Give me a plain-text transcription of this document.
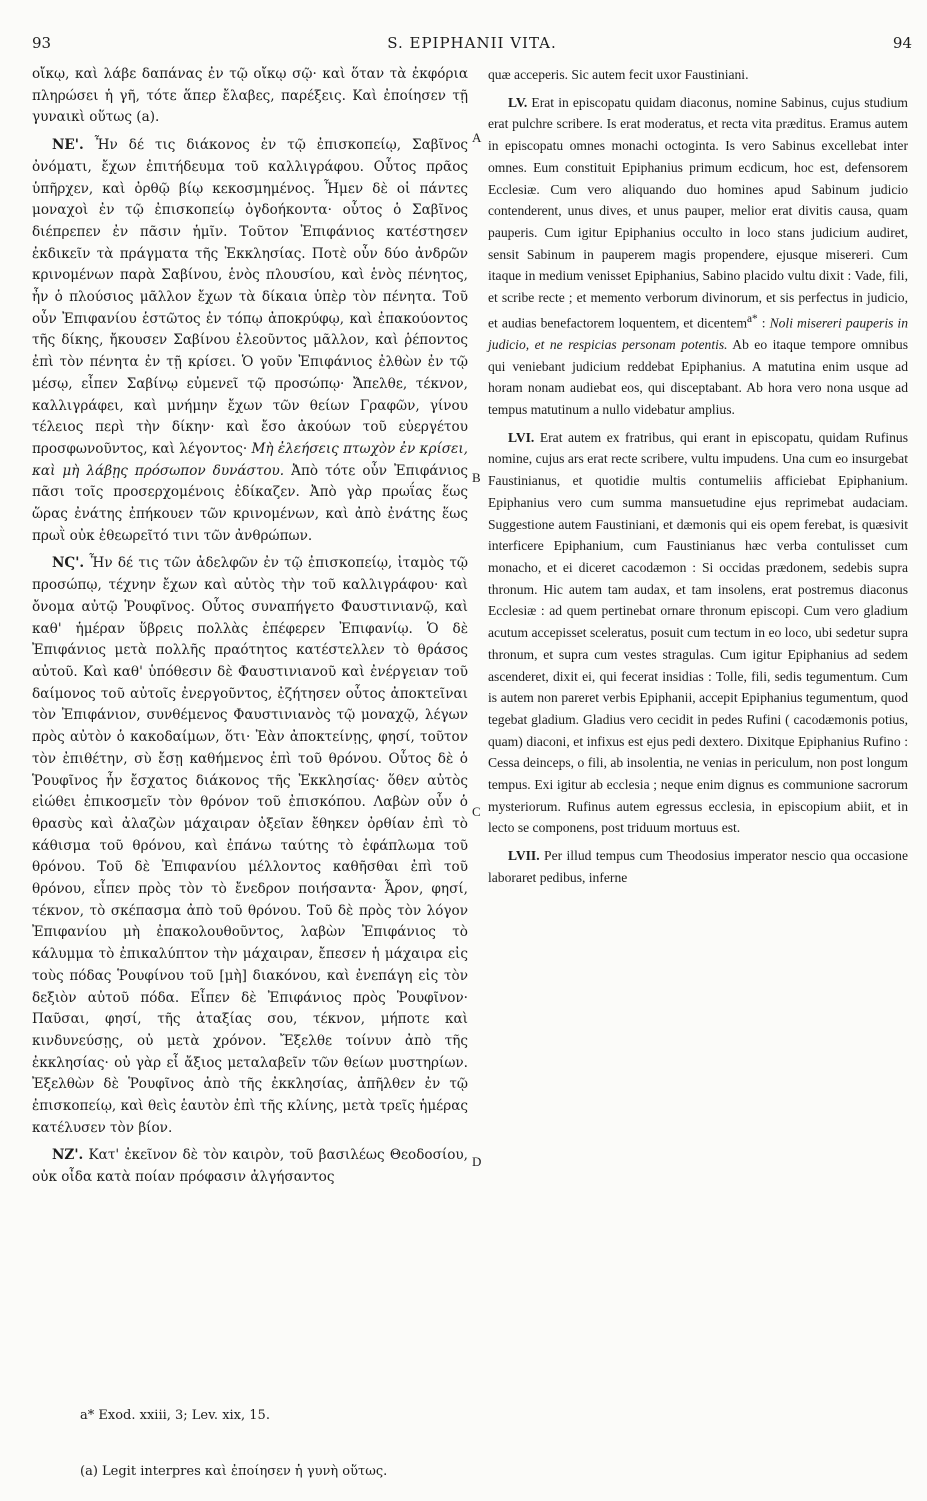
93	S. EPIPHANII VITA.	94

οἴκῳ, καὶ λάβε δαπάνας ἐν τῷ οἴκῳ σῷ· καὶ ὅταν τὰ ἐκφόρια πληρώσει ἡ γῆ, τότε ἅπερ ἔλαβες, παρέξεις. Καὶ ἐποίησεν τῇ γυναικὶ οὕτως (a).

ΝΕ'. Ἦν δέ τις διάκονος ἐν τῷ ἐπισκοπείῳ, Σαβῖνος ὀνόματι, ἔχων ἐπιτήδευμα τοῦ καλλιγράφου. Οὗτος πρᾶος ὑπῆρχεν, καὶ ὀρθῷ βίῳ κεκοσμημένος. Ἦμεν δὲ οἱ πάντες μοναχοὶ ἐν τῷ ἐπισκοπείῳ ὀγδοήκοντα· οὗτος ὁ Σαβῖνος διέπρεπεν ἐν πᾶσιν ἡμῖν. Τοῦτον Ἐπιφάνιος κατέστησεν ἐκδικεῖν τὰ πράγματα τῆς Ἐκκλησίας. Ποτὲ οὖν δύο ἀνδρῶν κρινομένων παρὰ Σαβίνου, ἑνὸς πλουσίου, καὶ ἑνὸς πένητος, ἦν ὁ πλούσιος μᾶλλον ἔχων τὰ δίκαια ὑπὲρ τὸν πένητα. Τοῦ οὖν Ἐπιφανίου ἑστῶτος ἐν τόπῳ ἀποκρύφῳ, καὶ ἐπακούοντος τῆς δίκης, ἤκουσεν Σαβίνου ἐλεοῦντος μᾶλλον, καὶ ῥέποντος ἐπὶ τὸν πένητα ἐν τῇ κρίσει. Ὁ γοῦν Ἐπιφάνιος ἐλθὼν ἐν τῷ μέσῳ, εἶπεν Σαβίνῳ εὐμενεῖ τῷ προσώπῳ· Ἄπελθε, τέκνον, καλλιγράφει, καὶ μνήμην ἔχων τῶν θείων Γραφῶν, γίνου τέλειος περὶ τὴν δίκην· καὶ ἔσο ἀκούων τοῦ εὐεργέτου προσφωνοῦντος, καὶ λέγοντος· Μὴ ἐλεήσεις πτωχὸν ἐν κρίσει, καὶ μὴ λάβῃς πρόσωπον δυνάστου. Ἀπὸ τότε οὖν Ἐπιφάνιος πᾶσι τοῖς προσερχομένοις ἐδίκαζεν. Ἀπὸ γὰρ πρωΐας ἕως ὥρας ἐνάτης ἐπήκουεν τῶν κρινομένων, καὶ ἀπὸ ἐνάτης ἕως πρωῒ οὐκ ἐθεωρεῖτό τινι τῶν ἀνθρώπων.

ΝϚ'. Ἦν δέ τις τῶν ἀδελφῶν ἐν τῷ ἐπισκοπείῳ, ἰταμὸς τῷ προσώπῳ, τέχνην ἔχων καὶ αὐτὸς τὴν τοῦ καλλιγράφου· καὶ ὄνομα αὐτῷ Ῥουφῖνος. Οὗτος συναπήγετο Φαυστινιανῷ, καὶ καθ' ἡμέραν ὕβρεις πολλὰς ἐπέφερεν Ἐπιφανίῳ. Ὁ δὲ Ἐπιφάνιος μετὰ πολλῆς πραότητος κατέστελλεν τὸ θράσος αὐτοῦ. Καὶ καθ' ὑπόθεσιν δὲ Φαυστινιανοῦ καὶ ἐνέργειαν τοῦ δαίμονος τοῦ αὐτοῖς ἐνεργοῦντος, ἐζήτησεν οὗτος ἀποκτεῖναι τὸν Ἐπιφάνιον, συνθέμενος Φαυστινιανὸς τῷ μοναχῷ, λέγων πρὸς αὐτὸν ὁ κακοδαίμων, ὅτι· Ἐὰν ἀποκτείνῃς, φησί, τοῦτον τὸν ἐπιθέτην, σὺ ἔσῃ καθήμενος ἐπὶ τοῦ θρόνου. Οὗτος δὲ ὁ Ῥουφῖνος ἦν ἔσχατος διάκονος τῆς Ἐκκλησίας· ὅθεν αὐτὸς εἰώθει ἐπικοσμεῖν τὸν θρόνον τοῦ ἐπισκόπου. Λαβὼν οὖν ὁ θρασὺς καὶ ἀλαζὼν μάχαιραν ὀξεῖαν ἔθηκεν ὀρθίαν ἐπὶ τὸ κάθισμα τοῦ θρόνου, καὶ ἐπάνω ταύτης τὸ ἐφάπλωμα τοῦ θρόνου. Τοῦ δὲ Ἐπιφανίου μέλλοντος καθῆσθαι ἐπὶ τοῦ θρόνου, εἶπεν πρὸς τὸν τὸ ἔνεδρον ποιήσαντα· Ἆρον, φησί, τέκνον, τὸ σκέπασμα ἀπὸ τοῦ θρόνου. Τοῦ δὲ πρὸς τὸν λόγον Ἐπιφανίου μὴ ἐπακολουθοῦντος, λαβὼν Ἐπιφάνιος τὸ κάλυμμα τὸ ἐπικαλύπτον τὴν μάχαιραν, ἔπεσεν ἡ μάχαιρα εἰς τοὺς πόδας Ῥουφίνου τοῦ [μὴ] διακόνου, καὶ ἐνεπάγη εἰς τὸν δεξιὸν αὐτοῦ πόδα. Εἶπεν δὲ Ἐπιφάνιος πρὸς Ῥουφῖνον· Παῦσαι, φησί, τῆς ἀταξίας σου, τέκνον, μήποτε καὶ κινδυνεύσῃς, οὐ μετὰ χρόνον. Ἔξελθε τοίνυν ἀπὸ τῆς ἐκκλησίας· οὐ γὰρ εἶ ἄξιος μεταλαβεῖν τῶν θείων μυστηρίων. Ἐξελθὼν δὲ Ῥουφῖνος ἀπὸ τῆς ἐκκλησίας, ἀπῆλθεν ἐν τῷ ἐπισκοπείῳ, καὶ θεὶς ἑαυτὸν ἐπὶ τῆς κλίνης, μετὰ τρεῖς ἡμέρας κατέλυσεν τὸν βίον.

ΝΖ'. Κατ' ἐκεῖνον δὲ τὸν καιρὸν, τοῦ βασιλέως Θεοδοσίου, οὐκ οἶδα κατὰ ποίαν πρόφασιν ἀλγήσαντος

A
B
C
D

quæ acceperis. Sic autem fecit uxor Faustiniani.

LV. Erat in episcopatu quidam diaconus, nomine Sabinus, cujus studium erat pulchre scribere. Is erat moderatus, et recta vita præditus. Eramus autem in episcopatu omnes monachi octoginta. Is vero Sabinus excellebat inter omnes. Eum constituit Epiphanius primum ecdicum, hoc est, defensorem Ecclesiæ. Cum vero aliquando duo homines apud Sabinum judicio contenderent, unus dives, et unus pauper, melior erat divitis causa, quam pauperis. Cum igitur Epiphanius occulto in loco stans judicium audiret, sensit Sabinum in pauperem magis propendere, ejusque misereri. Cum itaque in medium venisset Epiphanius, Sabino placido vultu dixit : Vade, fili, et scribe recte ; et memento verborum divinorum, et sis perfectus in judicio, et audias benefactorem loquentem, et dicentem$^{a*}$ : Noli misereri pauperis in judicio, et ne respicias personam potentis. Ab eo itaque tempore omnibus qui veniebant judicium reddebat Epiphanius. A matutina enim usque ad horam nonam audiebat eos, qui disceptabant. Ab hora vero nona usque ad tempus matutinum a nullo videbatur amplius.

LVI. Erat autem ex fratribus, qui erant in episcopatu, quidam Rufinus nomine, cujus ars erat recte scribere, vultu impudens. Una cum eo insurgebat Faustinianus, et quotidie multis contumeliis afficiebat Epiphanium. Epiphanius vero cum summa mansuetudine ejus reprimebat audaciam. Suggestione autem Faustiniani, et dæmonis qui eis opem ferebat, is quæsivit interficere Epiphanium, cum Faustinianus hæc verba contulisset cum monacho, et ei diceret cacodæmon : Si occidas prædonem, sedebis supra thronum. Hic autem tam audax, et tam insolens, erat postremus diaconus Ecclesiæ : ad quem pertinebat ornare thronum episcopi. Cum vero gladium acutum accepisset sceleratus, posuit cum tectum in eo loco, ubi sedetur supra thronum, et supra cum vestes stragulas. Cum igitur Epiphanius ad sedem ascenderet, dixit ei, qui fecerat insidias : Tolle, fili, sedis tegumentum. Cum is autem non pareret verbis Epiphanii, accepit Epiphanius tegumentum, quod tegebat gladium. Gladius vero cecidit in pedes Rufini ( cacodæmonis potius, quam) diaconi, et infixus est ejus pedi dextero. Dixitque Epiphanius Rufino : Cessa deinceps, o fili, ab insolentia, ne venias in periculum, non post longum tempus. Exi igitur ab ecclesia ; neque enim dignus es communione sacrorum mysteriorum. Rufinus autem egressus ecclesia, in episcopium abiit, et in lecto se componens, post triduum mortuus est.

LVII. Per illud tempus cum Theodosius imperator nescio qua occasione laboraret pedibus, inferne

a* Exod. xxiii, 3; Lev. xix, 15.
(a) Legit interpres καὶ ἐποίησεν ἡ γυνὴ οὕτως.
